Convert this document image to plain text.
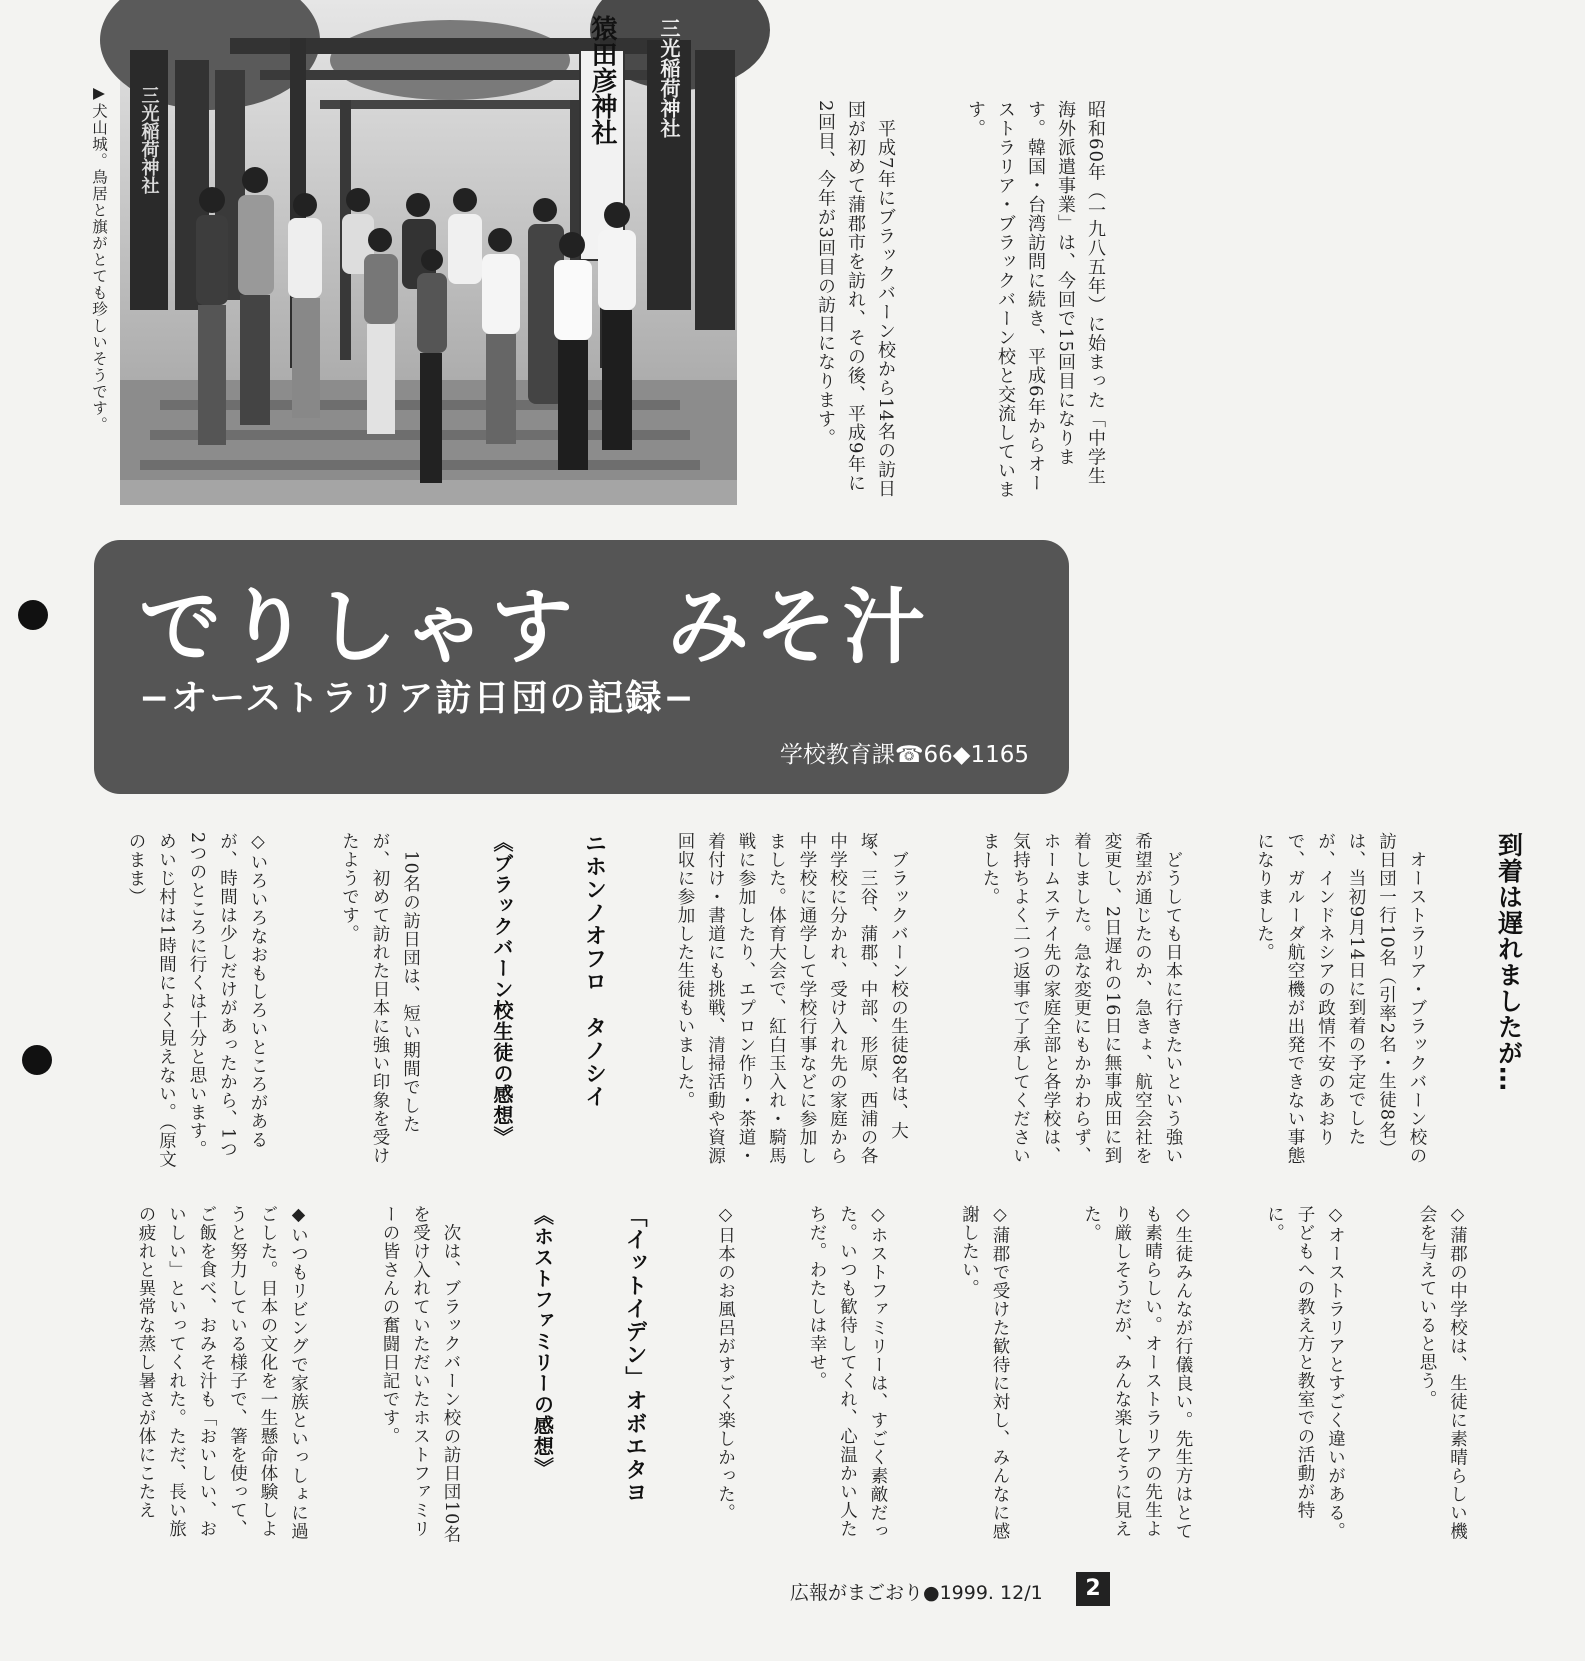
猿田彦神社 三光稲荷神社
三光稲荷神社
▶犬山城。鳥居と旗がとても珍しいそうです。

	昭和60年（一九八五年）に始まった「中学生海外派遣事業」は、今回で15回目になります。韓国・台湾訪問に続き、平成6年からオーストラリア・ブラックバーン校と交流しています。

　平成7年にブラックバーン校から14名の訪日団が初めて蒲郡市を訪れ、その後、平成9年に2回目、今年が3回目の訪日になります。

でりしゃす　みそ汁
−オーストラリア訪日団の記録−
学校教育課☎66◆1165

到着は遅れましたが…

　オーストラリア・ブラックバーン校の訪日団一行10名（引率2名・生徒8名）は、当初9月14日に到着の予定でしたが、インドネシアの政情不安のあおりで、ガルーダ航空機が出発できない事態になりました。

　どうしても日本に行きたいという強い希望が通じたのか、急きょ、航空会社を変更し、2日遅れの16日に無事成田に到着しました。急な変更にもかかわらず、ホームステイ先の家庭全部と各学校は、気持ちよく二つ返事で了承してくださいました。

　ブラックバーン校の生徒8名は、大塚、三谷、蒲郡、中部、形原、西浦の各中学校に分かれ、受け入れ先の家庭から中学校に通学して学校行事などに参加しました。体育大会で、紅白玉入れ・騎馬戦に参加したり、エプロン作り・茶道・着付け・書道にも挑戦、清掃活動や資源回収に参加した生徒もいました。

ニホンノオフロ　タノシイ

《ブラックバーン校生徒の感想》

　10名の訪日団は、短い期間でしたが、初めて訪れた日本に強い印象を受けたようです。

◇いろいろなおもしろいところがあるが、時間は少しだけがあったから、1つ2つのところに行くは十分と思います。めいじ村は1時間によく見えない。（原文のまま）

◇蒲郡の中学校は、生徒に素晴らしい機会を与えていると思う。

◇オーストラリアとすごく違いがある。子どもへの教え方と教室での活動が特に。

◇生徒みんなが行儀良い。先生方はとても素晴らしい。オーストラリアの先生より厳しそうだが、みんな楽しそうに見えた。

◇蒲郡で受けた歓待に対し、みんなに感謝したい。

◇ホストファミリーは、すごく素敵だった。いつも歓待してくれ、心温かい人たちだ。わたしは幸せ。

◇日本のお風呂がすごく楽しかった。

「イットイデン」オボエタヨ

《ホストファミリーの感想》

　次は、ブラックバーン校の訪日団10名を受け入れていただいたホストファミリーの皆さんの奮闘日記です。

◆いつもリビングで家族といっしょに過ごした。日本の文化を一生懸命体験しようと努力している様子で、箸を使って、ご飯を食べ、おみそ汁も「おいしい、おいしい」といってくれた。ただ、長い旅の疲れと異常な蒸し暑さが体にこたえ

広報がまごおり●1999. 12/1	2
